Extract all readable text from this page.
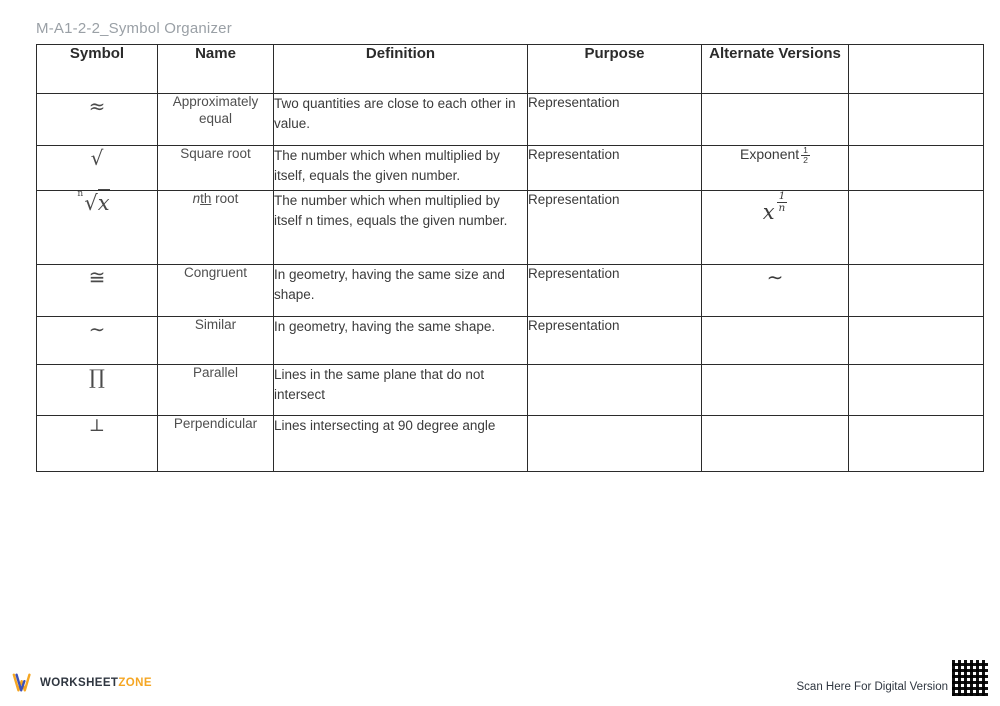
M-A1-2-2_Symbol Organizer
Symbol	Name	Definition	Purpose	Alternate Versions	
≈	Approximately equal	Two quantities are close to each other in value.	Representation		
√	Square root	The number which when multiplied by itself, equals the given number.	Representation	Exponent $\frac{1}{2}$

n √x	nth root	The number which when multiplied by itself n times, equals the given number.	Representation	x $\frac{1}{n}$

≅	Congruent	In geometry, having the same size and shape.	Representation	∼	
∼	Similar	In geometry, having the same shape.	Representation		
∏	Parallel	Lines in the same plane that do not intersect			
⊥	Perpendicular	Lines intersecting at 90 degree angle			
WORKSHEETZONE	Scan Here For Digital Version
